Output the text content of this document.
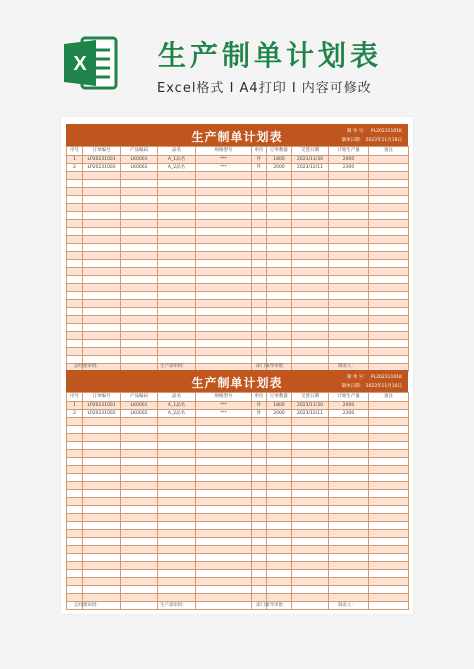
X	生产制单计划表
Excel格式 I A4打印 I 内容可修改
生产制单计划表	制 单 号： PL20231101K
制单日期： 2023年11月16日
序号	订单编号	产品编码	品名	规格型号	单位	订单数量	交货日期	计划生产量	备注
1	LP20231001	LK0001	A_1品名	***	件	1800	2023/11/30	2000	
2	LP20231002	LK0002	A_2品名	***	件	2000	2023/12/11	2300	

总经理审批：	生产部审批：	部门领导审批：	制表人：
生产制单计划表	制 单 号： PL20231101K
制单日期： 2023年11月16日
序号	订单编号	产品编码	品名	规格型号	单位	订单数量	交货日期	计划生产量	备注
1	LP20231001	LK0001	A_1品名	***	件	1800	2023/11/30	2000	
2	LP20231002	LK0002	A_2品名	***	件	2000	2023/12/11	2300	

总经理审批：	生产部审批：	部门领导审批：	制表人：
